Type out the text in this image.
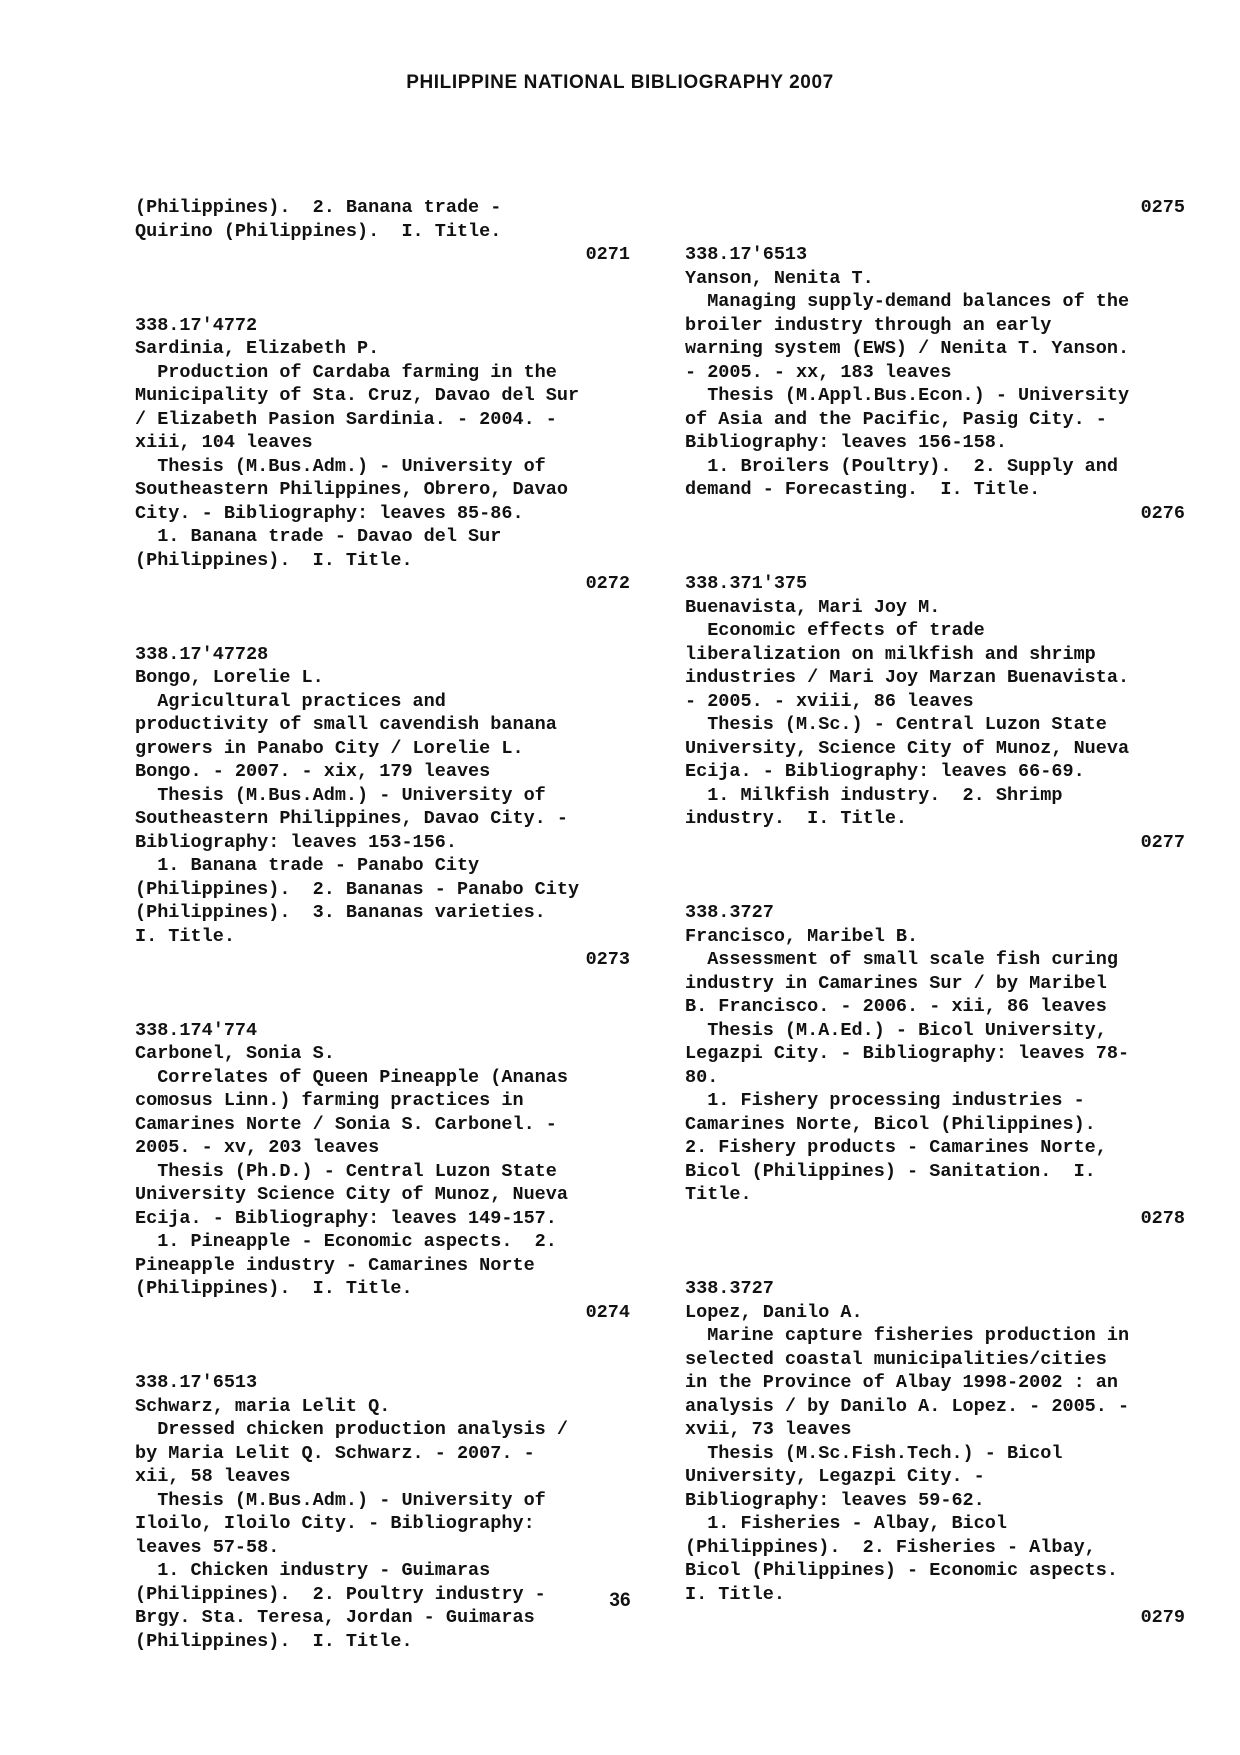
PHILIPPINE NATIONAL BIBLIOGRAPHY 2007
(Philippines).  2. Banana trade -
Quirino (Philippines).  I. Title.
0271
338.17'4772
Sardinia, Elizabeth P.
Production of Cardaba farming in the
Municipality of Sta. Cruz, Davao del Sur
/ Elizabeth Pasion Sardinia. - 2004. -
xiii, 104 leaves
Thesis (M.Bus.Adm.) - University of
Southeastern Philippines, Obrero, Davao
City. - Bibliography: leaves 85-86.
1. Banana trade - Davao del Sur
(Philippines).  I. Title.
0272
338.17'47728
Bongo, Lorelie L.
Agricultural practices and
productivity of small cavendish banana
growers in Panabo City / Lorelie L.
Bongo. - 2007. - xix, 179 leaves
Thesis (M.Bus.Adm.) - University of
Southeastern Philippines, Davao City. -
Bibliography: leaves 153-156.
1. Banana trade - Panabo City
(Philippines).  2. Bananas - Panabo City
(Philippines).  3. Bananas varieties.
I. Title.
0273
338.174'774
Carbonel, Sonia S.
Correlates of Queen Pineapple (Ananas
comosus Linn.) farming practices in
Camarines Norte / Sonia S. Carbonel. -
2005. - xv, 203 leaves
Thesis (Ph.D.) - Central Luzon State
University Science City of Munoz, Nueva
Ecija. - Bibliography: leaves 149-157.
1. Pineapple - Economic aspects.  2.
Pineapple industry - Camarines Norte
(Philippines).  I. Title.
0274
338.17'6513
Schwarz, maria Lelit Q.
Dressed chicken production analysis /
by Maria Lelit Q. Schwarz. - 2007. -
xii, 58 leaves
Thesis (M.Bus.Adm.) - University of
Iloilo, Iloilo City. - Bibliography:
leaves 57-58.
1. Chicken industry - Guimaras
(Philippines).  2. Poultry industry -
Brgy. Sta. Teresa, Jordan - Guimaras
(Philippines).  I. Title.
0275
338.17'6513
Yanson, Nenita T.
Managing supply-demand balances of the
broiler industry through an early
warning system (EWS) / Nenita T. Yanson.
- 2005. - xx, 183 leaves
Thesis (M.Appl.Bus.Econ.) - University
of Asia and the Pacific, Pasig City. -
Bibliography: leaves 156-158.
1. Broilers (Poultry).  2. Supply and
demand - Forecasting.  I. Title.
0276
338.371'375
Buenavista, Mari Joy M.
Economic effects of trade
liberalization on milkfish and shrimp
industries / Mari Joy Marzan Buenavista.
- 2005. - xviii, 86 leaves
Thesis (M.Sc.) - Central Luzon State
University, Science City of Munoz, Nueva
Ecija. - Bibliography: leaves 66-69.
1. Milkfish industry.  2. Shrimp
industry.  I. Title.
0277
338.3727
Francisco, Maribel B.
Assessment of small scale fish curing
industry in Camarines Sur / by Maribel
B. Francisco. - 2006. - xii, 86 leaves
Thesis (M.A.Ed.) - Bicol University,
Legazpi City. - Bibliography: leaves 78-
80.
1. Fishery processing industries -
Camarines Norte, Bicol (Philippines).
2. Fishery products - Camarines Norte,
Bicol (Philippines) - Sanitation.  I.
Title.
0278
338.3727
Lopez, Danilo A.
Marine capture fisheries production in
selected coastal municipalities/cities
in the Province of Albay 1998-2002 : an
analysis / by Danilo A. Lopez. - 2005. -
xvii, 73 leaves
Thesis (M.Sc.Fish.Tech.) - Bicol
University, Legazpi City. -
Bibliography: leaves 59-62.
1. Fisheries - Albay, Bicol
(Philippines).  2. Fisheries - Albay,
Bicol (Philippines) - Economic aspects.
I. Title.
0279
36
